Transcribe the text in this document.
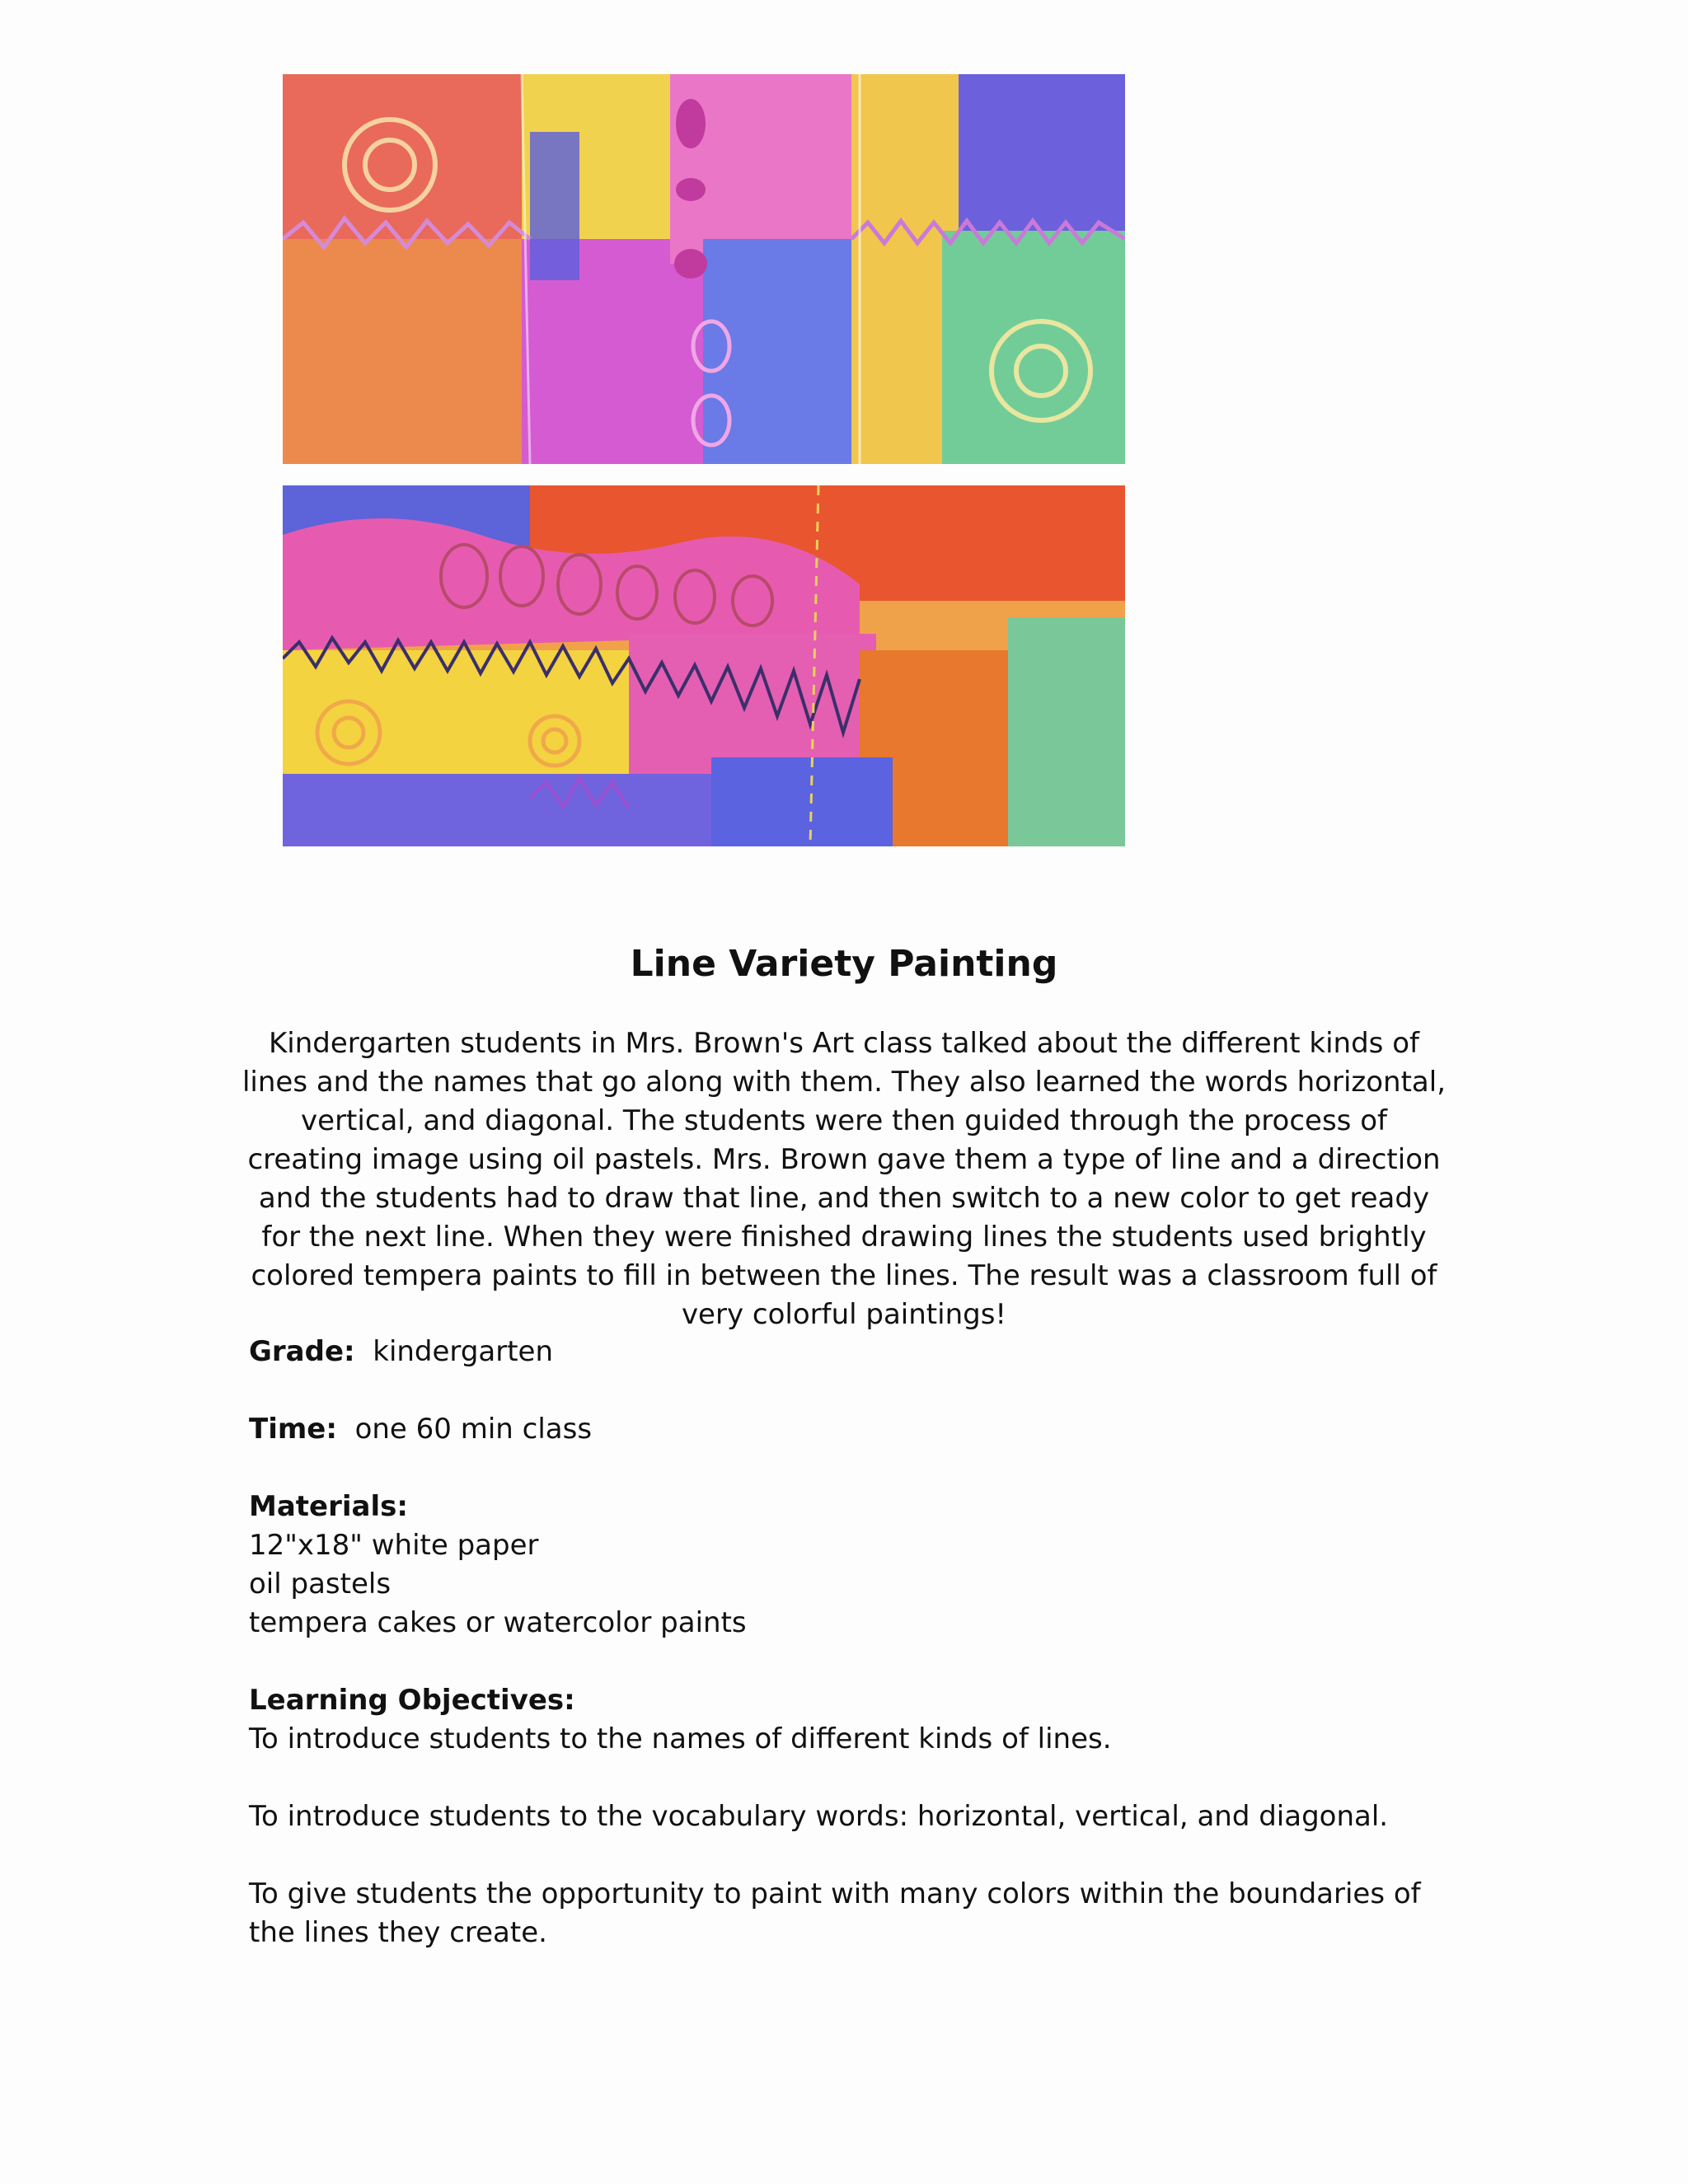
Line Variety Painting

Kindergarten students in Mrs. Brown's Art class talked about the different kinds of lines and the names that go along with them. They also learned the words horizontal, vertical, and diagonal. The students were then guided through the process of creating image using oil pastels. Mrs. Brown gave them a type of line and a direction and the students had to draw that line, and then switch to a new color to get ready for the next line. When they were finished drawing lines the students used brightly colored tempera paints to fill in between the lines. The result was a classroom full of very colorful paintings!

Grade: kindergarten

Time: one 60 min class

Materials:

12"x18" white paper

oil pastels

tempera cakes or watercolor paints

Learning Objectives:

To introduce students to the names of different kinds of lines.

To introduce students to the vocabulary words: horizontal, vertical, and diagonal.

To give students the opportunity to paint with many colors within the boundaries of the lines they create.
